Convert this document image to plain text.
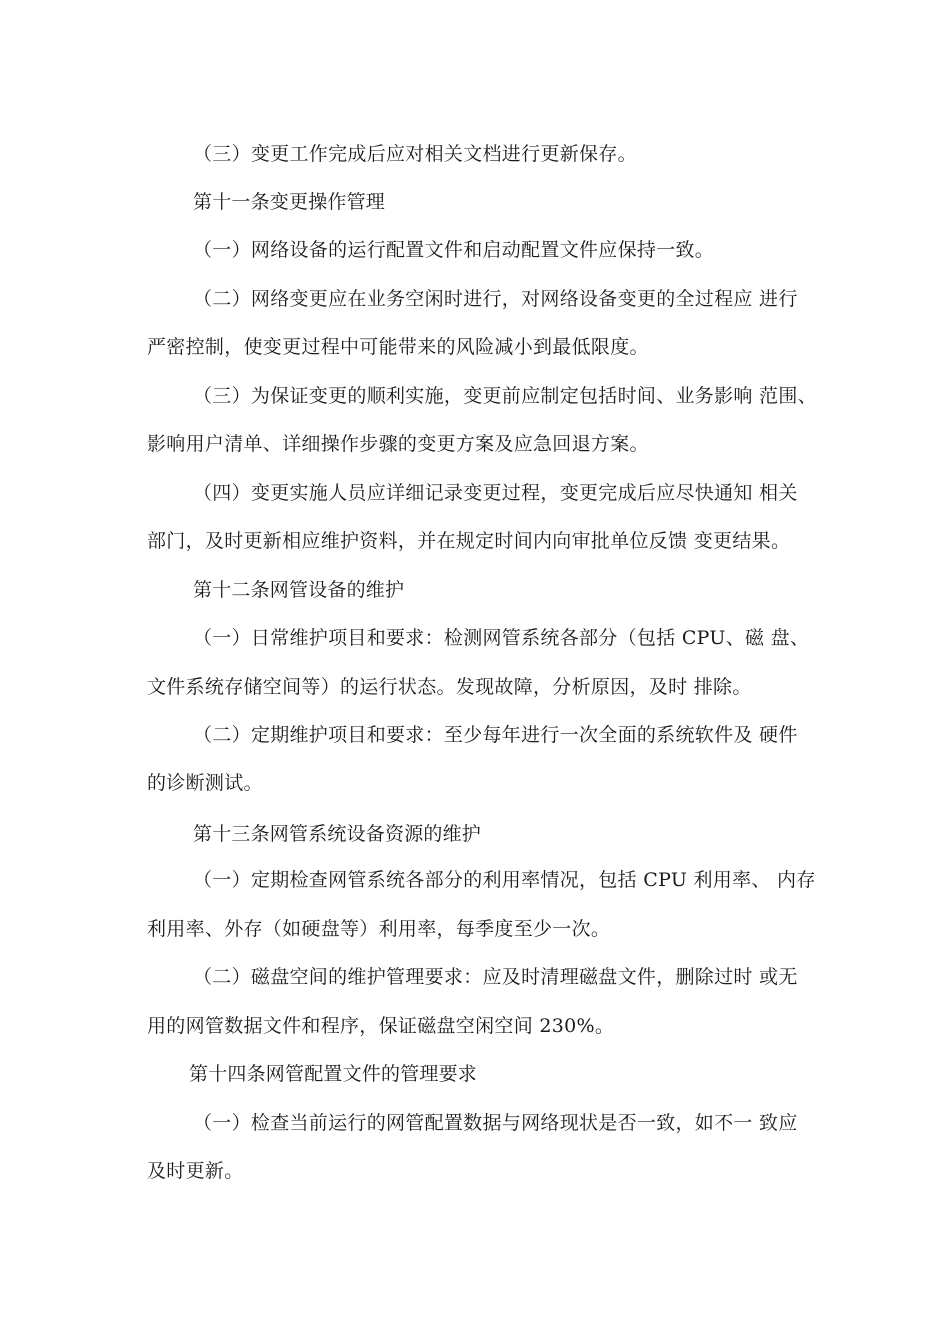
（三）变更工作完成后应对相关文档进行更新保存。

第十一条变更操作管理

（一）网络设备的运行配置文件和启动配置文件应保持一致。

（二）网络变更应在业务空闲时进行，对网络设备变更的全过程应 进行

严密控制，使变更过程中可能带来的风险减小到最低限度。

（三）为保证变更的顺利实施，变更前应制定包括时间、业务影响 范围、

影响用户清单、详细操作步骤的变更方案及应急回退方案。

（四）变更实施人员应详细记录变更过程，变更完成后应尽快通知 相关

部门，及时更新相应维护资料，并在规定时间内向审批单位反馈 变更结果。

第十二条网管设备的维护

（一）日常维护项目和要求：检测网管系统各部分（包括 CPU、磁 盘、

文件系统存储空间等）的运行状态。发现故障，分析原因，及时 排除。

（二）定期维护项目和要求：至少每年进行一次全面的系统软件及 硬件

的诊断测试。

第十三条网管系统设备资源的维护

（一）定期检查网管系统各部分的利用率情况，包括 CPU 利用率、 内存

利用率、外存（如硬盘等）利用率，每季度至少一次。

（二）磁盘空间的维护管理要求：应及时清理磁盘文件，删除过时 或无

用的网管数据文件和程序，保证磁盘空闲空间 230%。

第十四条网管配置文件的管理要求

（一）检查当前运行的网管配置数据与网络现状是否一致，如不一 致应

及时更新。
